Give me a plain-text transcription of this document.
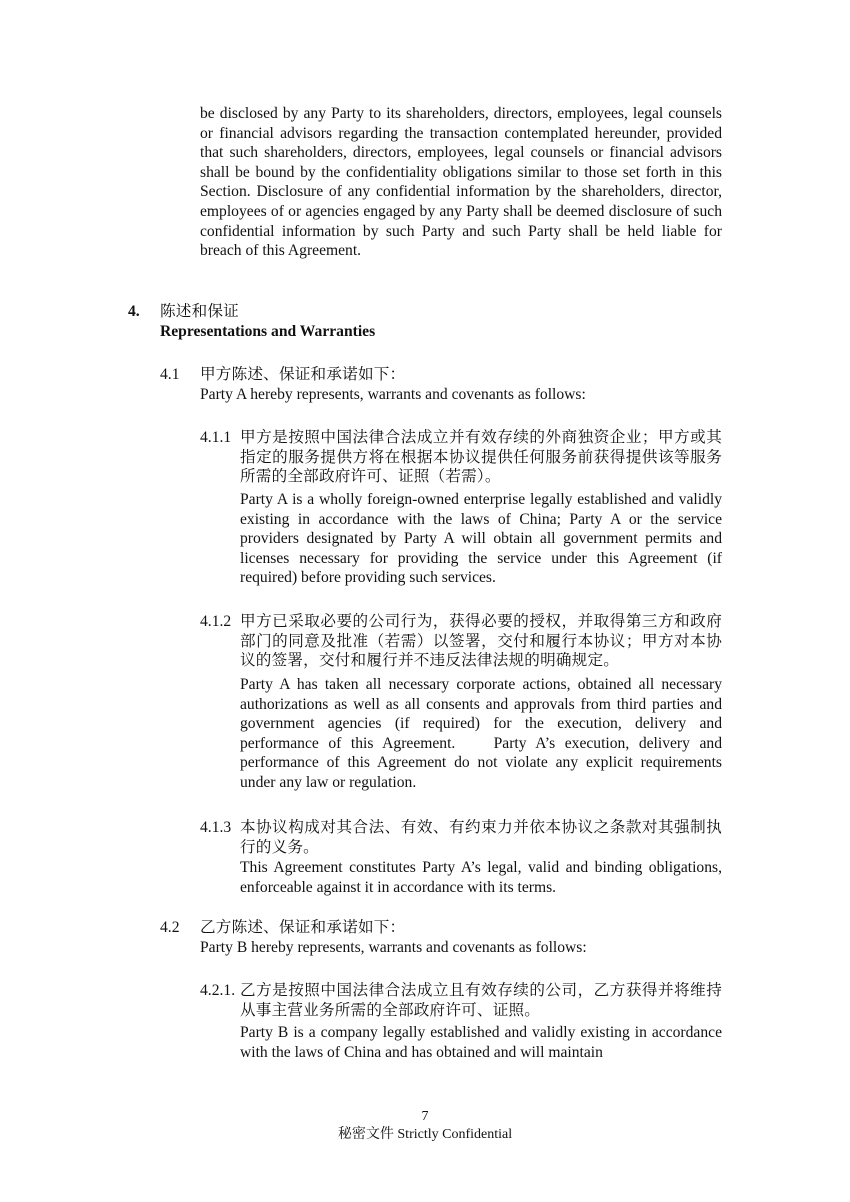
be disclosed by any Party to its shareholders, directors, employees, legal counsels or financial advisors regarding the transaction contemplated hereunder, provided that such shareholders, directors, employees, legal counsels or financial advisors shall be bound by the confidentiality obligations similar to those set forth in this Section. Disclosure of any confidential information by the shareholders, director, employees of or agencies engaged by any Party shall be deemed disclosure of such confidential information by such Party and such Party shall be held liable for breach of this Agreement.
4. 陈述和保证
Representations and Warranties
4.1 甲方陈述、保证和承诺如下：
Party A hereby represents, warrants and covenants as follows:
4.1.1 甲方是按照中国法律合法成立并有效存续的外商独资企业；甲方或其指定的服务提供方将在根据本协议提供任何服务前获得提供该等服务所需的全部政府许可、证照（若需）。
Party A is a wholly foreign-owned enterprise legally established and validly existing in accordance with the laws of China; Party A or the service providers designated by Party A will obtain all government permits and licenses necessary for providing the service under this Agreement (if required) before providing such services.
4.1.2 甲方已采取必要的公司行为，获得必要的授权，并取得第三方和政府部门的同意及批准（若需）以签署，交付和履行本协议；甲方对本协议的签署，交付和履行并不违反法律法规的明确规定。
Party A has taken all necessary corporate actions, obtained all necessary authorizations as well as all consents and approvals from third parties and government agencies (if required) for the execution, delivery and performance of this Agreement.    Party A’s execution, delivery and performance of this Agreement do not violate any explicit requirements under any law or regulation.
4.1.3 本协议构成对其合法、有效、有约束力并依本协议之条款对其强制执行的义务。
This Agreement constitutes Party A’s legal, valid and binding obligations, enforceable against it in accordance with its terms.
4.2 乙方陈述、保证和承诺如下：
Party B hereby represents, warrants and covenants as follows:
4.2.1. 乙方是按照中国法律合法成立且有效存续的公司，乙方获得并将维持从事主营业务所需的全部政府许可、证照。
Party B is a company legally established and validly existing in accordance with the laws of China and has obtained and will maintain
7
秘密文件 Strictly Confidential
